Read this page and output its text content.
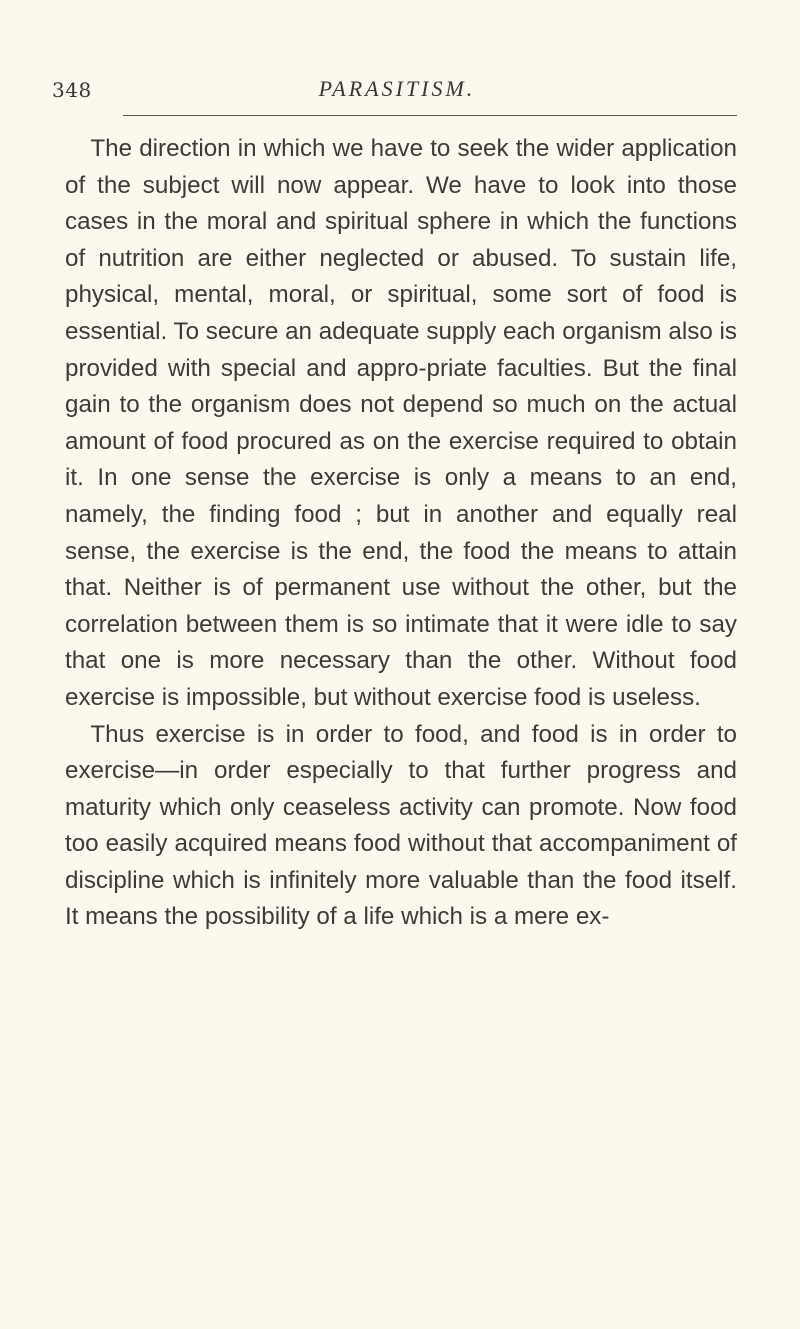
348	PARASITISM.

The direction in which we have to seek the wider application of the subject will now appear. We have to look into those cases in the moral and spiritual sphere in which the functions of nutrition are either neglected or abused. To sustain life, physical, mental, moral, or spiritual, some sort of food is essential. To secure an adequate supply each organism also is provided with special and appro-priate faculties. But the final gain to the organism does not depend so much on the actual amount of food procured as on the exercise required to obtain it. In one sense the exercise is only a means to an end, namely, the finding food ; but in another and equally real sense, the exercise is the end, the food the means to attain that. Neither is of permanent use without the other, but the correlation between them is so intimate that it were idle to say that one is more necessary than the other. Without food exercise is impossible, but without exercise food is useless.

Thus exercise is in order to food, and food is in order to exercise—in order especially to that further progress and maturity which only ceaseless activity can promote. Now food too easily acquired means food without that accompaniment of discipline which is infinitely more valuable than the food itself. It means the possibility of a life which is a mere ex-
